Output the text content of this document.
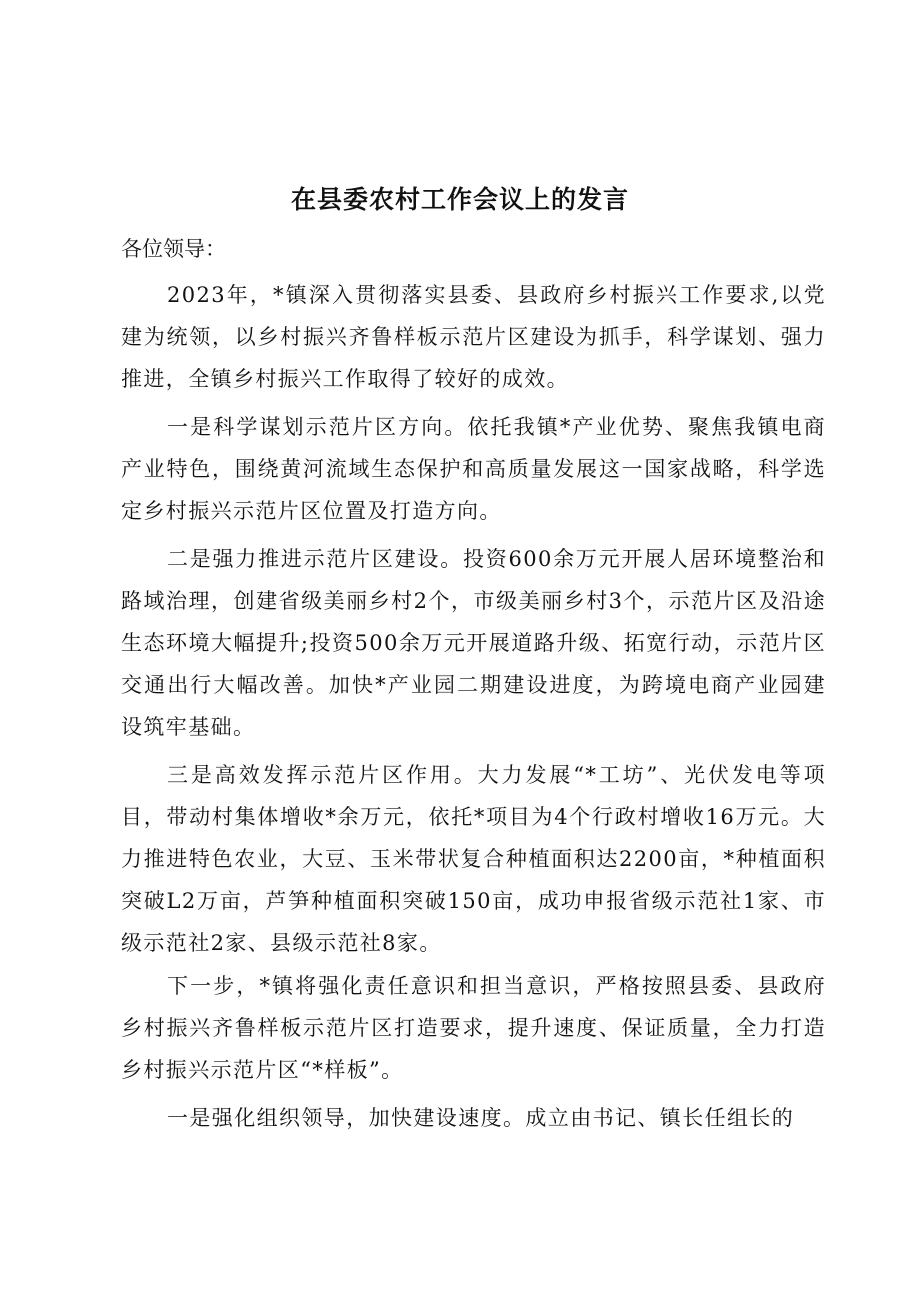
在县委农村工作会议上的发言

各位领导：

2023年，*镇深入贯彻落实县委、县政府乡村振兴工作要求,以党建为统领，以乡村振兴齐鲁样板示范片区建设为抓手，科学谋划、强力推进，全镇乡村振兴工作取得了较好的成效。

一是科学谋划示范片区方向。依托我镇*产业优势、聚焦我镇电商产业特色，围绕黄河流域生态保护和高质量发展这一国家战略，科学选定乡村振兴示范片区位置及打造方向。

二是强力推进示范片区建设。投资600余万元开展人居环境整治和路域治理，创建省级美丽乡村2个，市级美丽乡村3个，示范片区及沿途生态环境大幅提升;投资500余万元开展道路升级、拓宽行动，示范片区交通出行大幅改善。加快*产业园二期建设进度，为跨境电商产业园建设筑牢基础。

三是高效发挥示范片区作用。大力发展“*工坊”、光伏发电等项目，带动村集体增收*余万元，依托*项目为4个行政村增收16万元。大力推进特色农业，大豆、玉米带状复合种植面积达2200亩，*种植面积突破L2万亩，芦笋种植面积突破150亩，成功申报省级示范社1家、市级示范社2家、县级示范社8家。

下一步，*镇将强化责任意识和担当意识，严格按照县委、县政府乡村振兴齐鲁样板示范片区打造要求，提升速度、保证质量，全力打造乡村振兴示范片区“*样板”。

一是强化组织领导，加快建设速度。成立由书记、镇长任组长的
